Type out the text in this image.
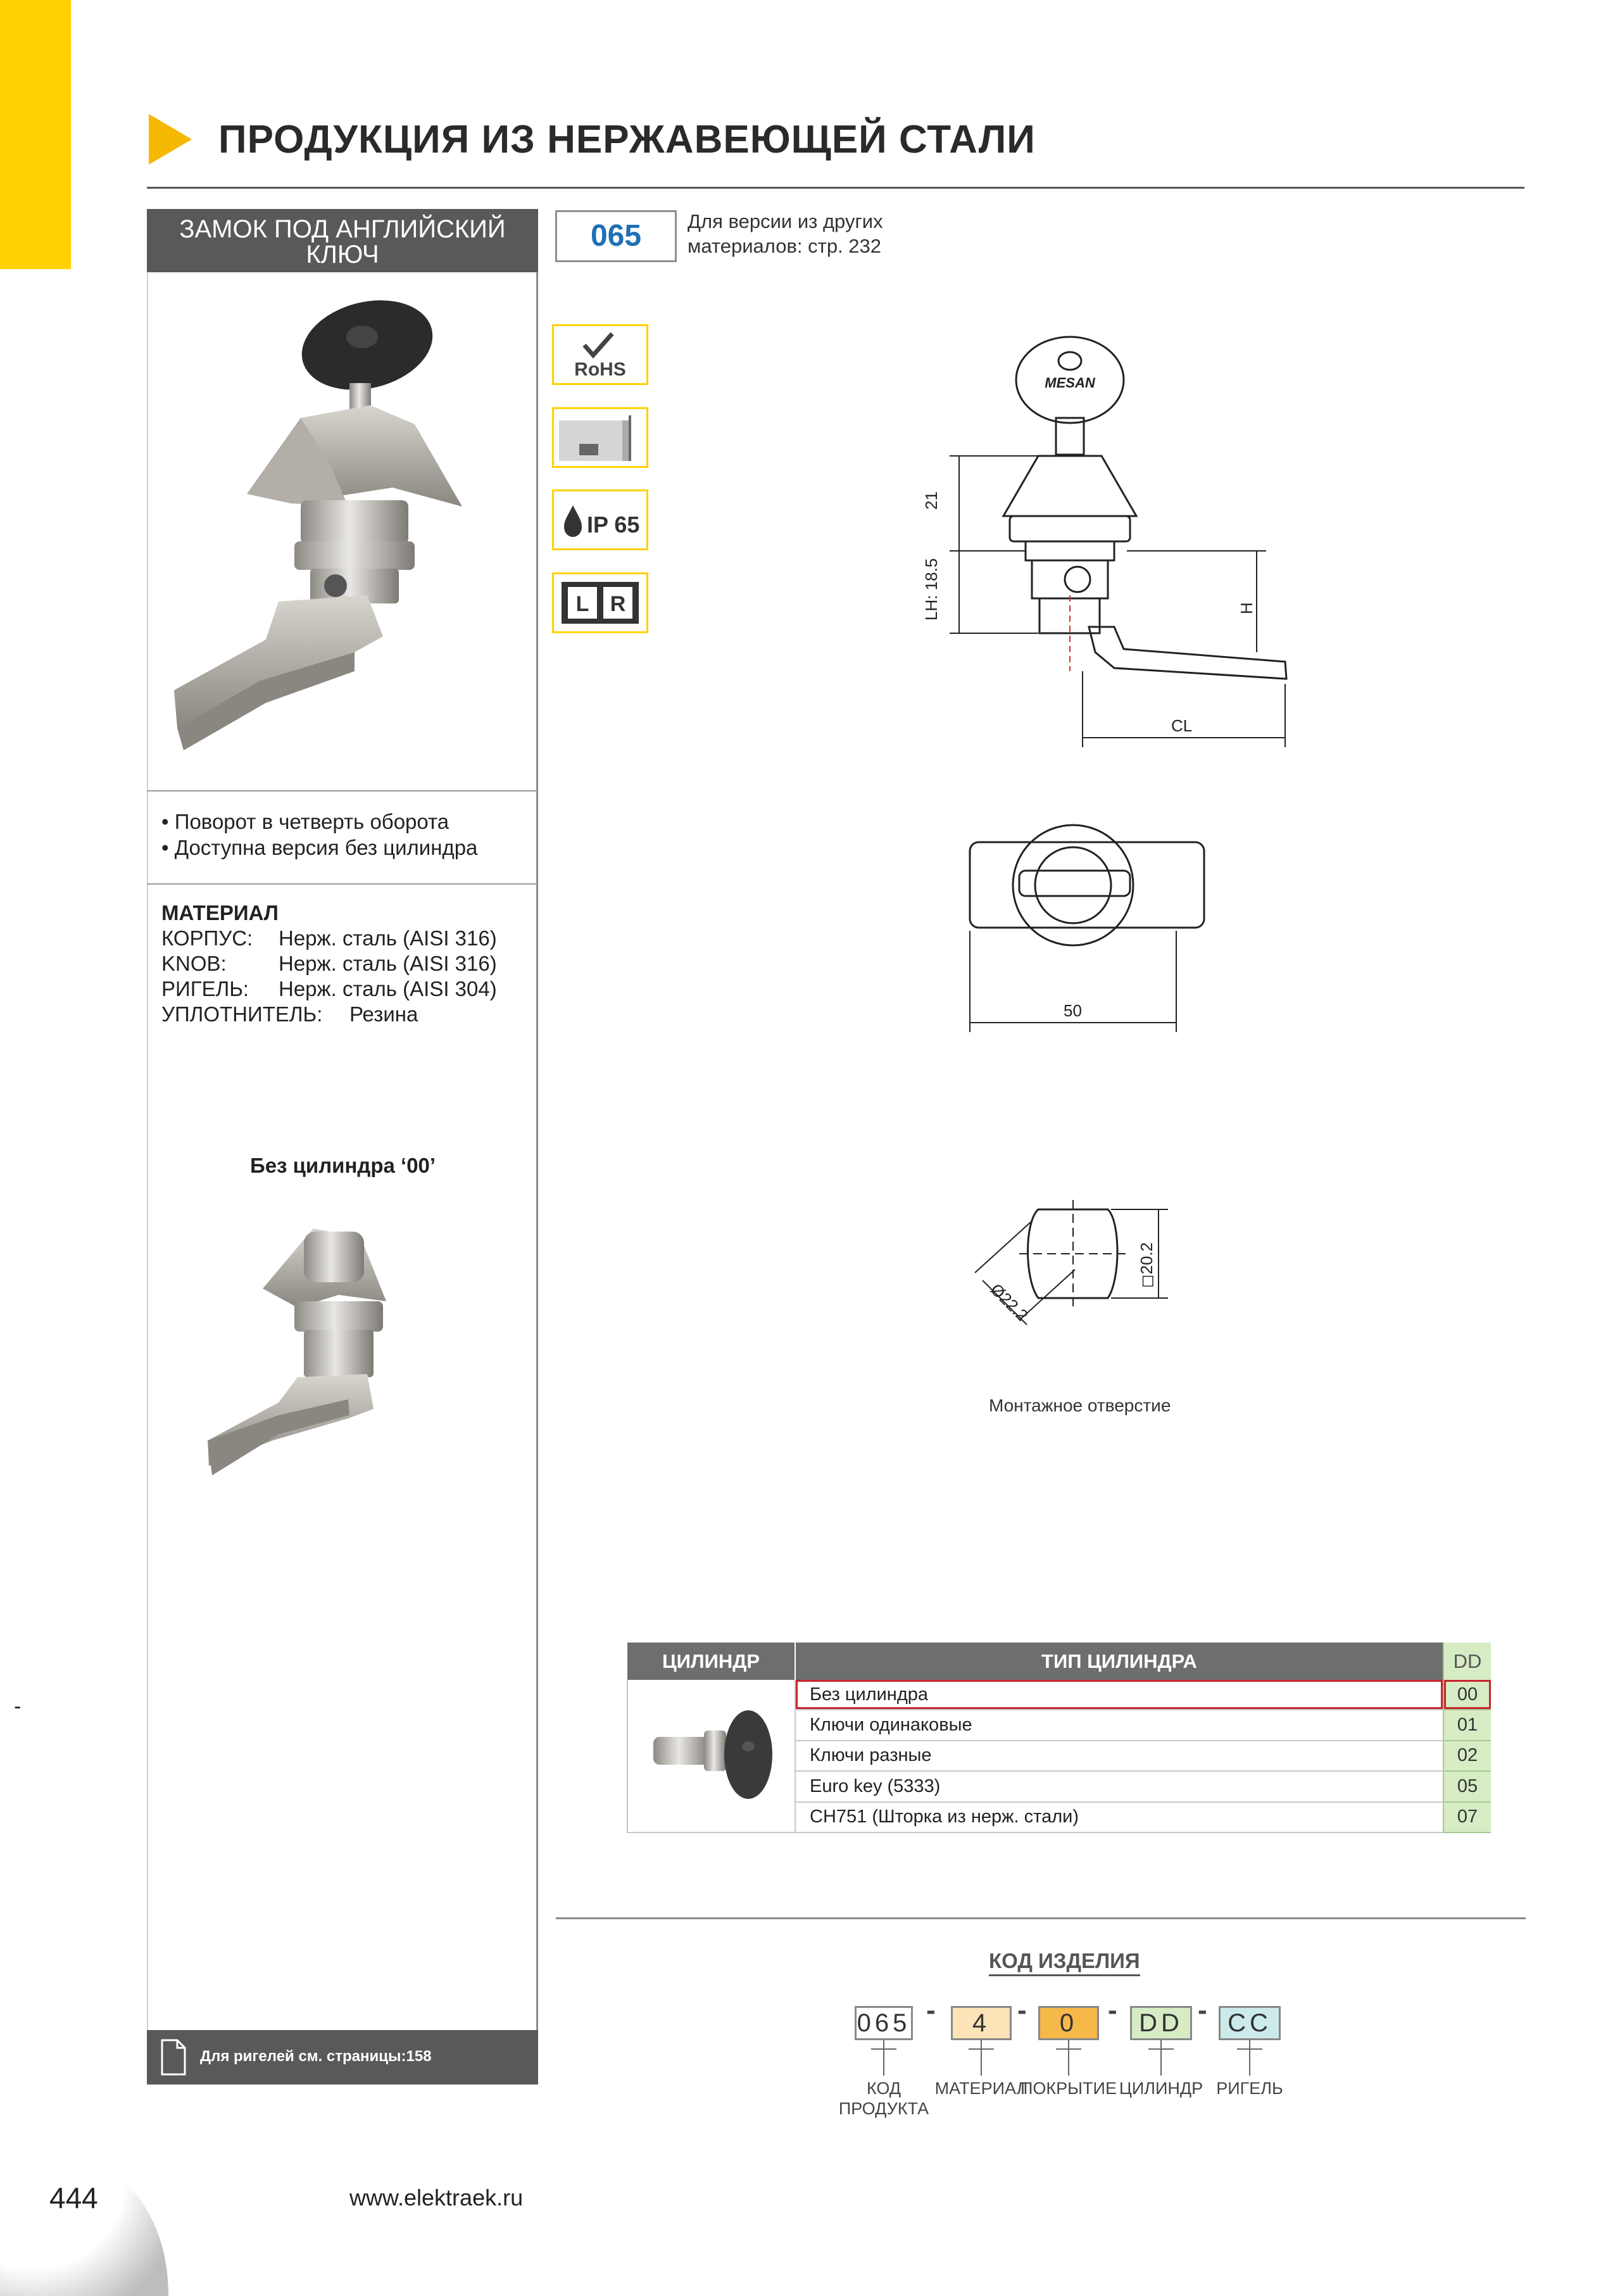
ПРОДУКЦИЯ ИЗ НЕРЖАВЕЮЩЕЙ СТАЛИ
ЗАМОК ПОД АНГЛИЙСКИЙ
КЛЮЧ
• Поворот в четверть оборота
• Доступна версия без цилиндра
МАТЕРИАЛ
КОРПУС: Нерж. сталь (AISI 316)
KNOB: Нерж. сталь (AISI 316)
РИГЕЛЬ: Нерж. сталь (AISI 304)
УПЛОТНИТЕЛЬ: Резина
Без цилиндра ‘00’
Для ригелей см. страницы:158
065	Для версии из других
материалов: стр. 232
RoHS
IP 65
L R
MESAN
21
LH: 18.5	H
CL
50
◻20.2
Ø22.2
Монтажное отверстие
ЦИЛИНДР	ТИП ЦИЛИНДРА	DD
	Без цилиндра	00
	Ключи одинаковые	01
	Ключи разные	02
	Euro key (5333)	05
	CH751 (Шторка из нерж. стали)	07
КОД ИЗДЕЛИЯ
065 -	4 -	0	- DD - CC
КОД
ПРОДУКТА
МАТЕРИАЛ
ПОКРЫТИЕ ЦИЛИНДР РИГЕЛЬ
-
444	www.elektraek.ru
